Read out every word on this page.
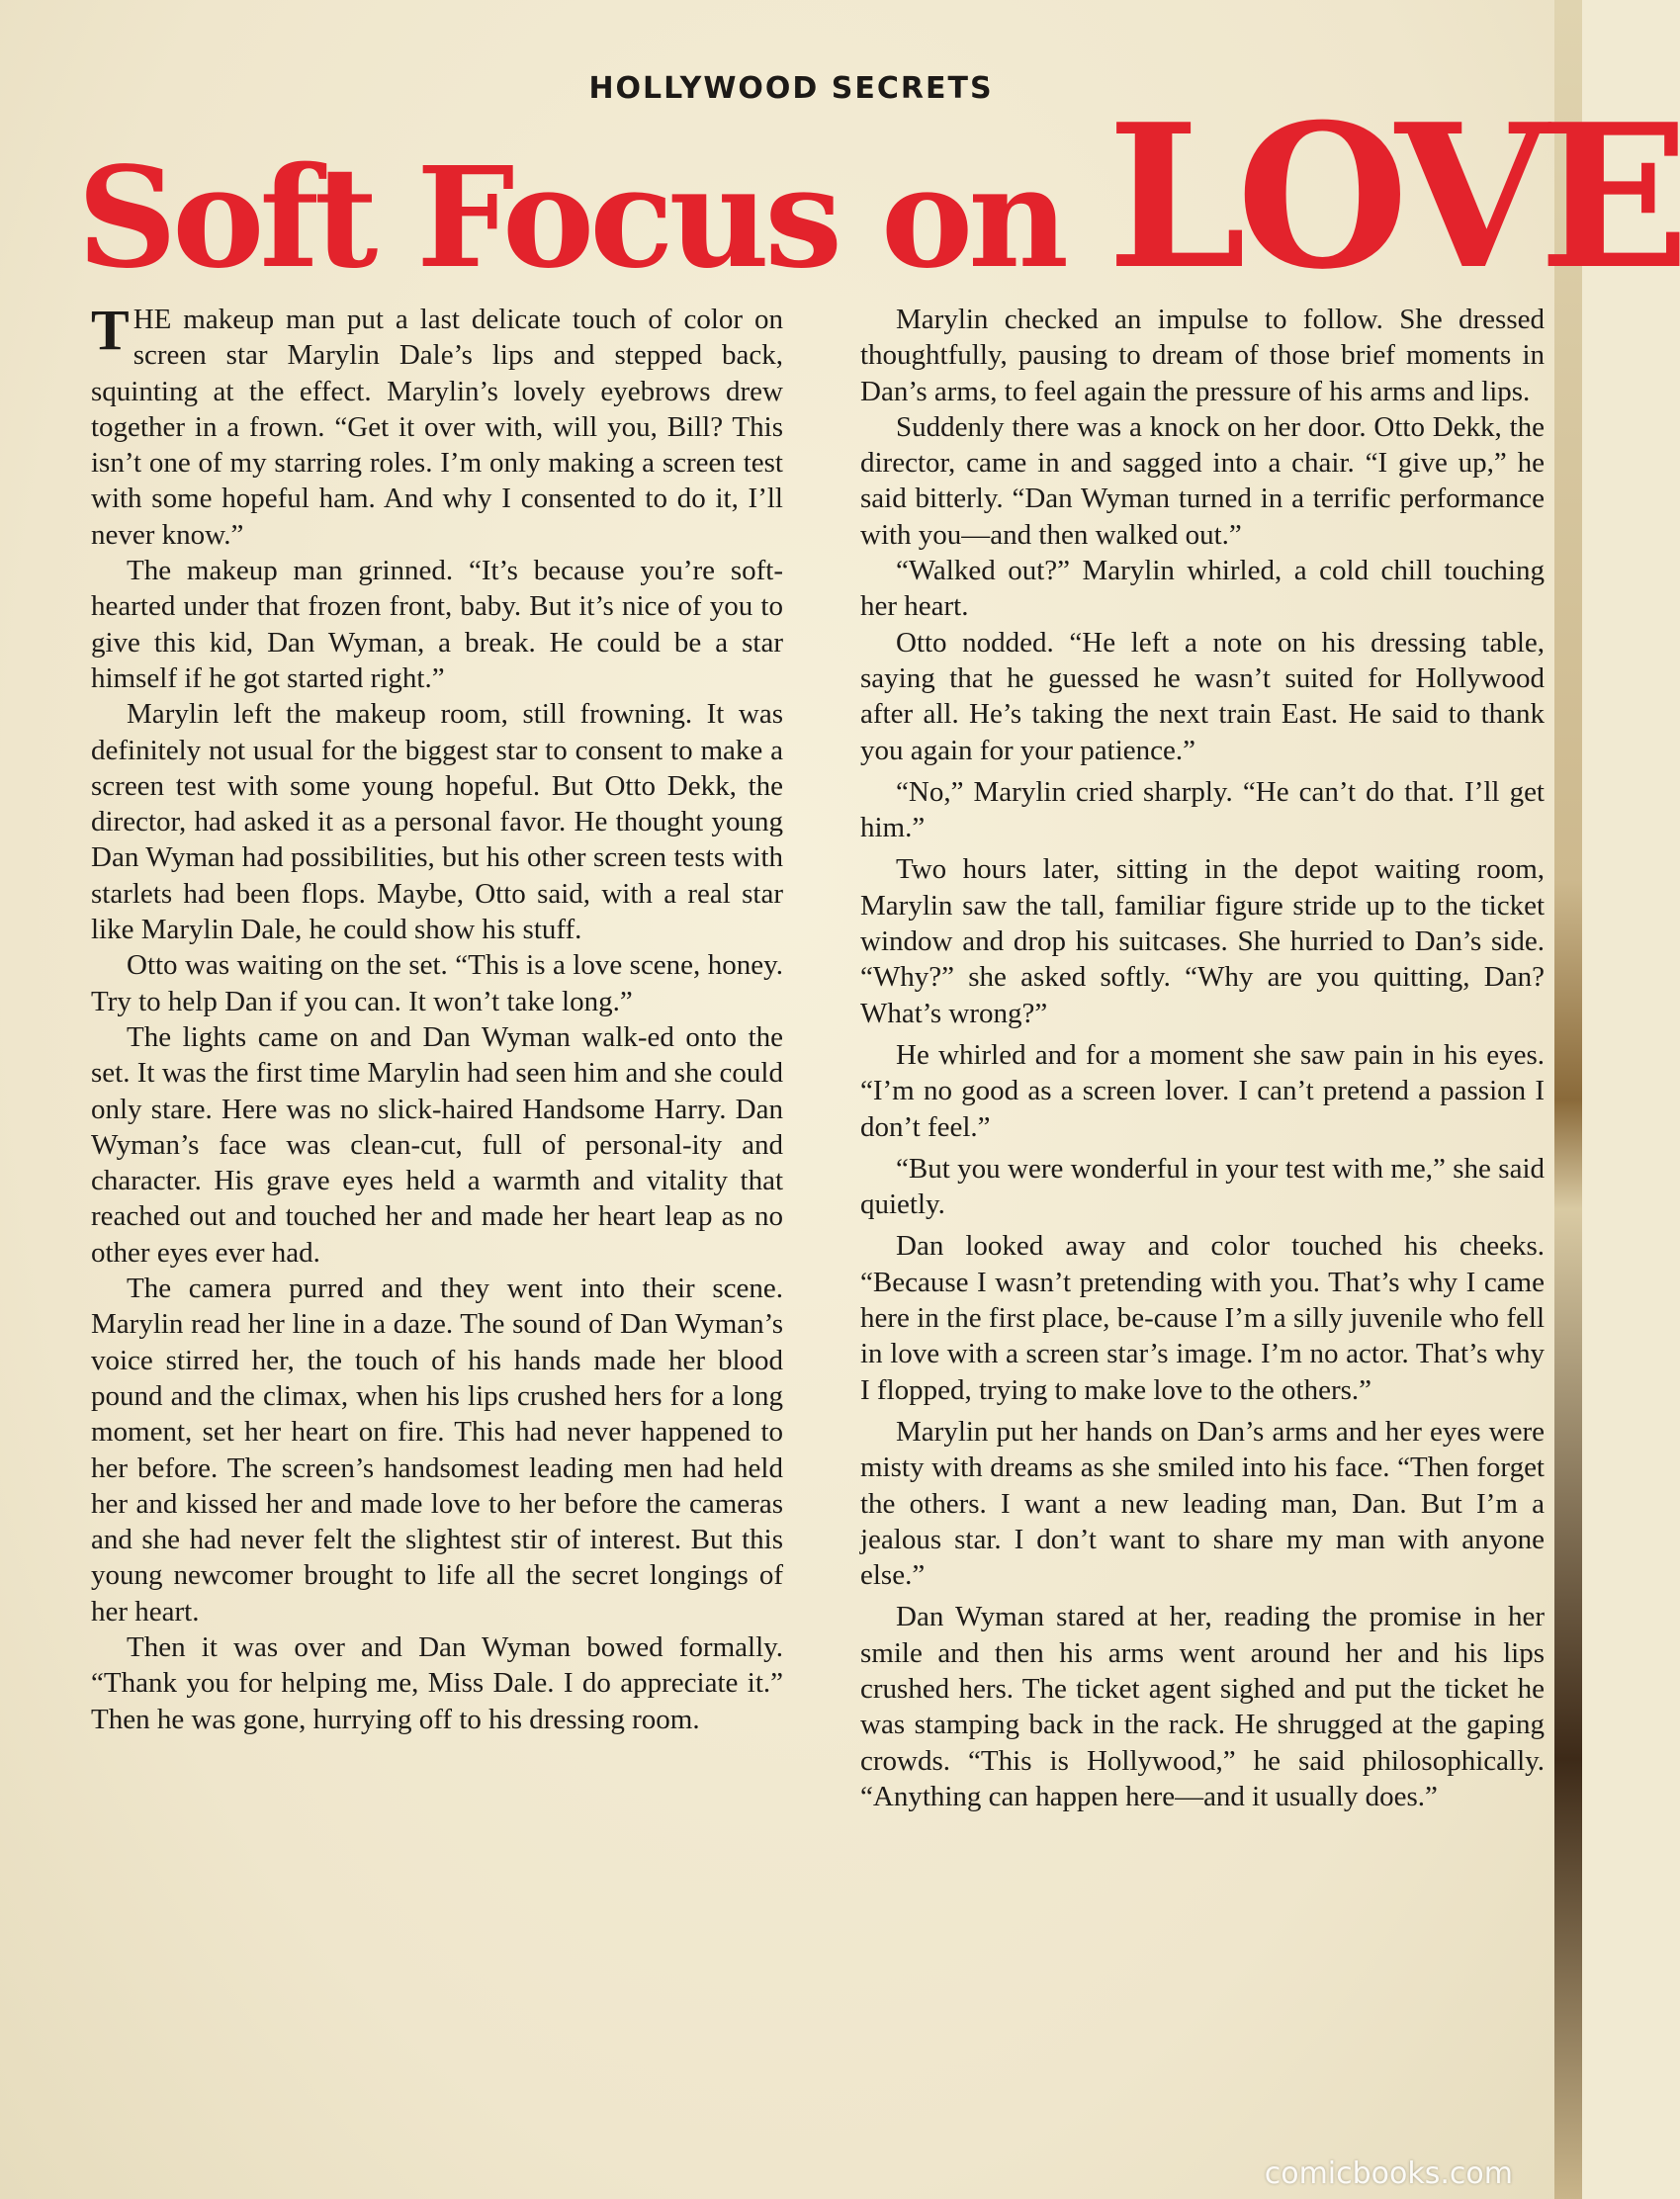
HOLLYWOOD SECRETS
Soft Focus on LOVE

THE makeup man put a last delicate touch of color on screen star Marylin Dale’s lips and stepped back, squinting at the effect. Marylin’s lovely eyebrows drew together in a frown. “Get it over with, will you, Bill? This isn’t one of my starring roles. I’m only making a screen test with some hopeful ham. And why I consented to do it, I’ll never know.”

The makeup man grinned. “It’s because you’re soft-hearted under that frozen front, baby. But it’s nice of you to give this kid, Dan Wyman, a break. He could be a star himself if he got started right.”

Marylin left the makeup room, still frowning. It was definitely not usual for the biggest star to consent to make a screen test with some young hopeful. But Otto Dekk, the director, had asked it as a personal favor. He thought young Dan Wyman had possibilities, but his other screen tests with starlets had been flops. Maybe, Otto said, with a real star like Marylin Dale, he could show his stuff.

Otto was waiting on the set. “This is a love scene, honey. Try to help Dan if you can. It won’t take long.”

The lights came on and Dan Wyman walk-ed onto the set. It was the first time Marylin had seen him and she could only stare. Here was no slick-haired Handsome Harry. Dan Wyman’s face was clean-cut, full of personal-ity and character. His grave eyes held a warmth and vitality that reached out and touched her and made her heart leap as no other eyes ever had.

The camera purred and they went into their scene. Marylin read her line in a daze. The sound of Dan Wyman’s voice stirred her, the touch of his hands made her blood pound and the climax, when his lips crushed hers for a long moment, set her heart on fire. This had never happened to her before. The screen’s handsomest leading men had held her and kissed her and made love to her before the cameras and she had never felt the slightest stir of interest. But this young newcomer brought to life all the secret longings of her heart.

Then it was over and Dan Wyman bowed formally. “Thank you for helping me, Miss Dale. I do appreciate it.” Then he was gone, hurrying off to his dressing room.

Marylin checked an impulse to follow. She dressed thoughtfully, pausing to dream of those brief moments in Dan’s arms, to feel again the pressure of his arms and lips.

Suddenly there was a knock on her door. Otto Dekk, the director, came in and sagged into a chair. “I give up,” he said bitterly. “Dan Wyman turned in a terrific performance with you—and then walked out.”

“Walked out?” Marylin whirled, a cold chill touching her heart.

Otto nodded. “He left a note on his dressing table, saying that he guessed he wasn’t suited for Hollywood after all. He’s taking the next train East. He said to thank you again for your patience.”

“No,” Marylin cried sharply. “He can’t do that. I’ll get him.”

Two hours later, sitting in the depot waiting room, Marylin saw the tall, familiar figure stride up to the ticket window and drop his suitcases. She hurried to Dan’s side. “Why?” she asked softly. “Why are you quitting, Dan? What’s wrong?”

He whirled and for a moment she saw pain in his eyes. “I’m no good as a screen lover. I can’t pretend a passion I don’t feel.”

“But you were wonderful in your test with me,” she said quietly.

Dan looked away and color touched his cheeks. “Because I wasn’t pretending with you. That’s why I came here in the first place, be-cause I’m a silly juvenile who fell in love with a screen star’s image. I’m no actor. That’s why I flopped, trying to make love to the others.”

Marylin put her hands on Dan’s arms and her eyes were misty with dreams as she smiled into his face. “Then forget the others. I want a new leading man, Dan. But I’m a jealous star. I don’t want to share my man with anyone else.”

Dan Wyman stared at her, reading the promise in her smile and then his arms went around her and his lips crushed hers. The ticket agent sighed and put the ticket he was stamping back in the rack. He shrugged at the gaping crowds. “This is Hollywood,” he said philosophically. “Anything can happen here—and it usually does.”

comicbooks.com
